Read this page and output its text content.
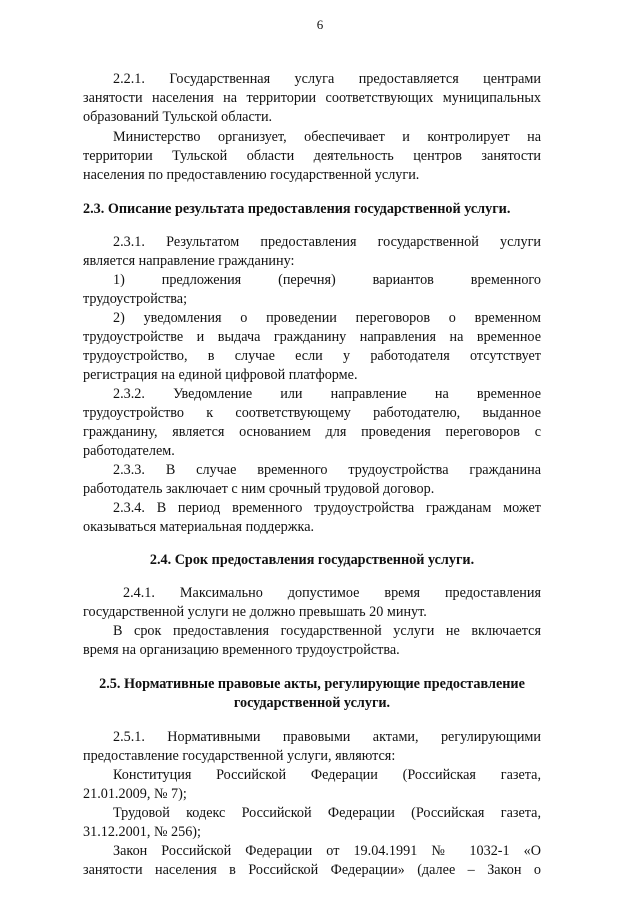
6
2.2.1. Государственная услуга предоставляется центрами
занятости населения на территории соответствующих муниципальных
образований Тульской области.
Министерство организует, обеспечивает и контролирует на
территории Тульской области деятельность центров занятости
населения по предоставлению государственной услуги.
2.3. Описание результата предоставления государственной услуги.
2.3.1. Результатом предоставления государственной услуги
является направление гражданину:
1) предложения (перечня) вариантов временного
трудоустройства;
2) уведомления о проведении переговоров о временном
трудоустройстве и выдача гражданину направления на временное
трудоустройство, в случае если у работодателя отсутствует
регистрация на единой цифровой платформе.
2.3.2. Уведомление или направление на временное
трудоустройство к соответствующему работодателю, выданное
гражданину, является основанием для проведения переговоров с
работодателем.
2.3.3. В случае временного трудоустройства гражданина
работодатель заключает с ним срочный трудовой договор.
2.3.4. В период временного трудоустройства гражданам может
оказываться материальная поддержка.
2.4. Срок предоставления государственной услуги.
2.4.1. Максимально допустимое время предоставления
государственной услуги не должно превышать 20 минут.
В срок предоставления государственной услуги не включается
время на организацию временного трудоустройства.
2.5. Нормативные правовые акты, регулирующие предоставление
государственной услуги.
2.5.1. Нормативными правовыми актами, регулирующими
предоставление государственной услуги, являются:
Конституция Российской Федерации (Российская газета,
21.01.2009, № 7);
Трудовой кодекс Российской Федерации (Российская газета,
31.12.2001, № 256);
Закон Российской Федерации от 19.04.1991 № 1032-1 «О
занятости населения в Российской Федерации» (далее – Закон о
